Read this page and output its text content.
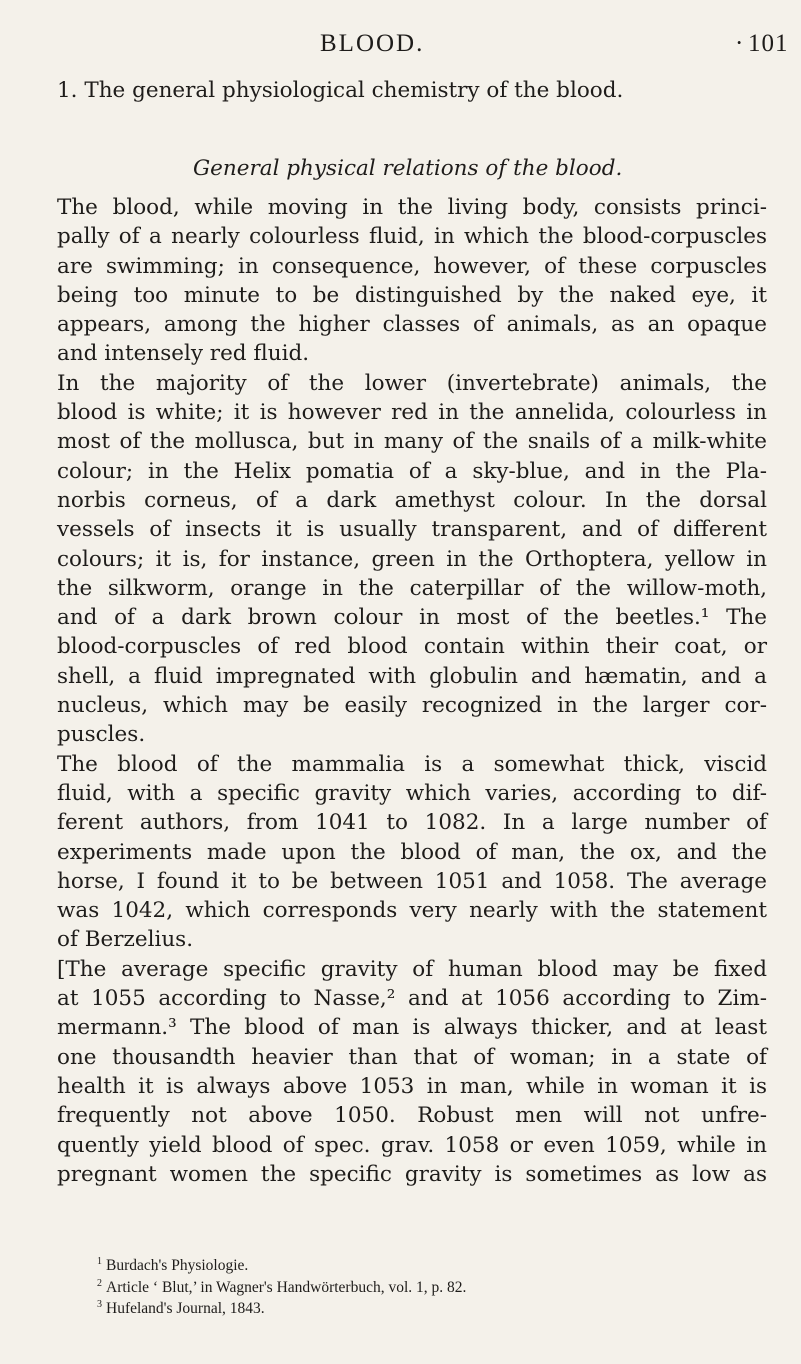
BLOOD.	· 101
1. The general physiological chemistry of the blood.
General physical relations of the blood.
The blood, while moving in the living body, consists princi-
pally of a nearly colourless fluid, in which the blood-corpuscles
are swimming; in consequence, however, of these corpuscles
being too minute to be distinguished by the naked eye, it
appears, among the higher classes of animals, as an opaque
and intensely red fluid.
In the majority of the lower (invertebrate) animals, the
blood is white; it is however red in the annelida, colourless in
most of the mollusca, but in many of the snails of a milk-white
colour; in the Helix pomatia of a sky-blue, and in the Pla-
norbis corneus, of a dark amethyst colour. In the dorsal
vessels of insects it is usually transparent, and of different
colours; it is, for instance, green in the Orthoptera, yellow in
the silkworm, orange in the caterpillar of the willow-moth,
and of a dark brown colour in most of the beetles.¹ The
blood-corpuscles of red blood contain within their coat, or
shell, a fluid impregnated with globulin and hæmatin, and a
nucleus, which may be easily recognized in the larger cor-
puscles.
The blood of the mammalia is a somewhat thick, viscid
fluid, with a specific gravity which varies, according to dif-
ferent authors, from 1041 to 1082. In a large number of
experiments made upon the blood of man, the ox, and the
horse, I found it to be between 1051 and 1058. The average
was 1042, which corresponds very nearly with the statement
of Berzelius.
[The average specific gravity of human blood may be fixed
at 1055 according to Nasse,² and at 1056 according to Zim-
mermann.³ The blood of man is always thicker, and at least
one thousandth heavier than that of woman; in a state of
health it is always above 1053 in man, while in woman it is
frequently not above 1050. Robust men will not unfre-
quently yield blood of spec. grav. 1058 or even 1059, while in
pregnant women the specific gravity is sometimes as low as
$^1$ Burdach's Physiologie.
$^2$ Article ‘ Blut,’ in Wagner's Handwörterbuch, vol. 1, p. 82.
$^3$ Hufeland's Journal, 1843.
